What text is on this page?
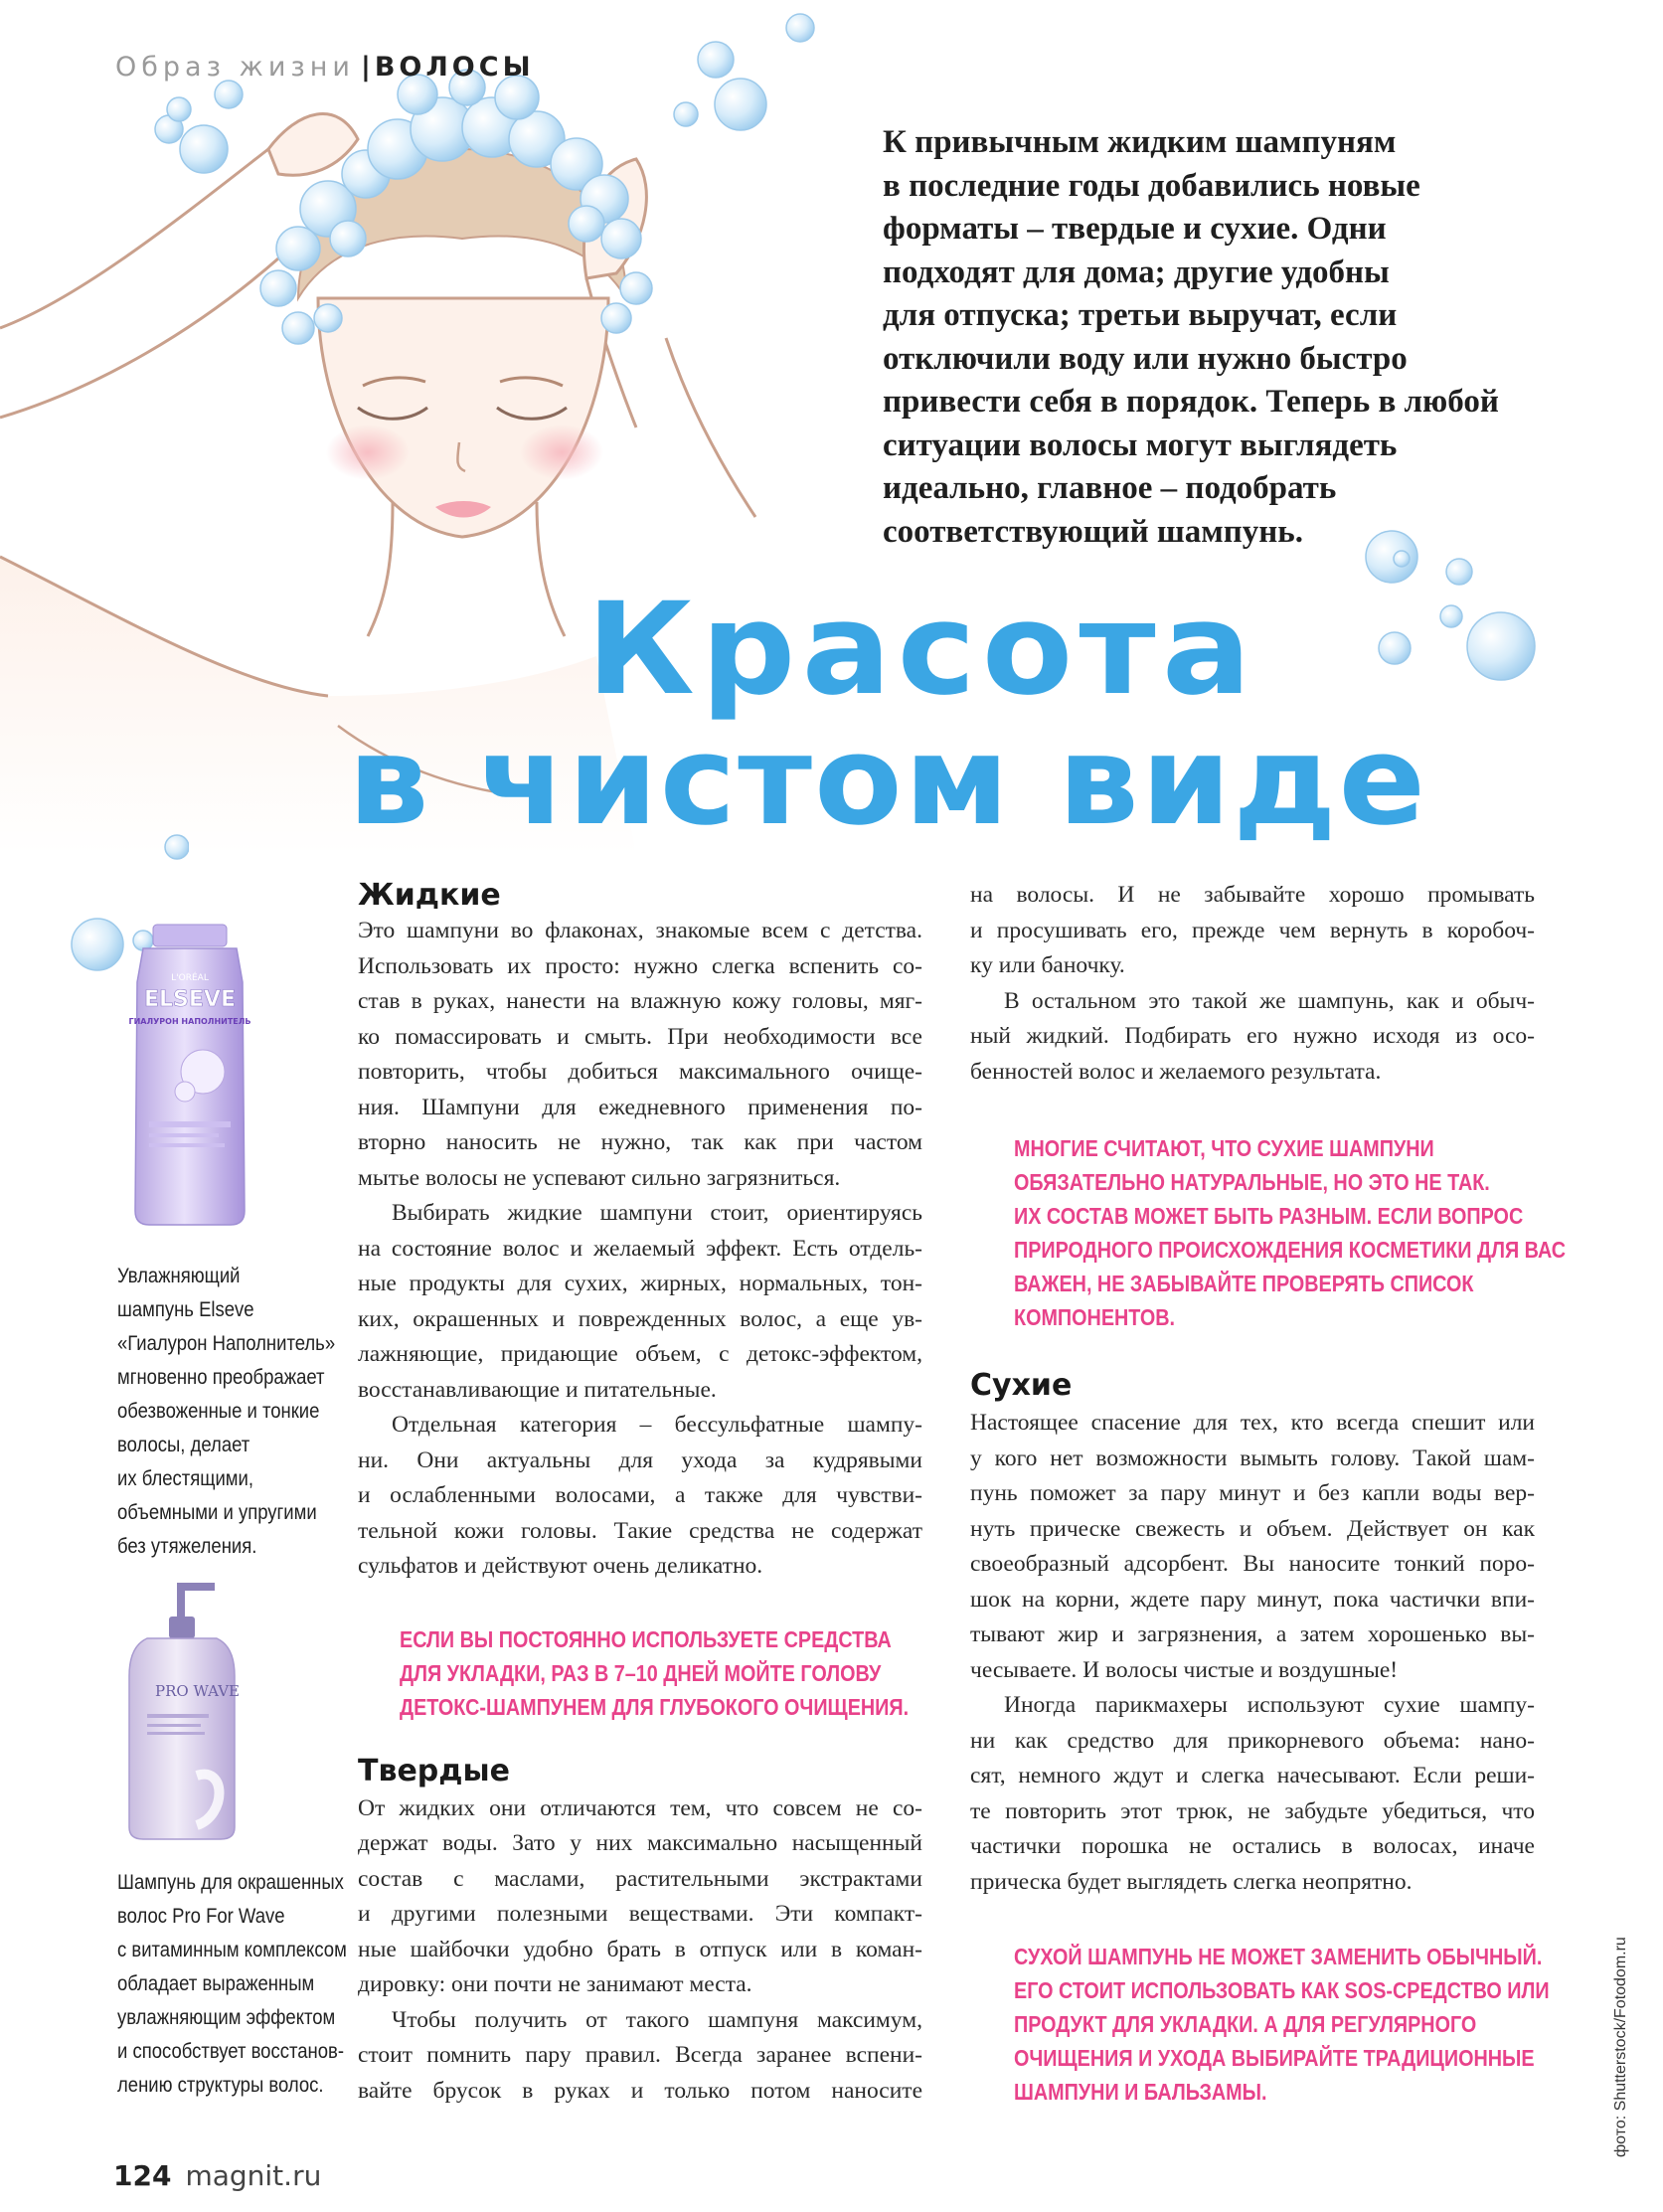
Образ жизни | ВОЛОСЫ
К привычным жидким шампуням
в последние годы добавились новые
форматы – твердые и сухие. Одни
подходят для дома; другие удобны
для отпуска; третьи выручат, если
отключили воду или нужно быстро
привести себя в порядок. Теперь в любой
ситуации волосы могут выглядеть
идеально, главное – подобрать
соответствующий шампунь.
Красота
в чистом виде
Жидкие

Это шампуни во флаконах, знакомые всем с детства.
Использовать их просто: нужно слегка вспенить со-
став в руках, нанести на влажную кожу головы, мяг-
ко помассировать и смыть. При необходимости все
повторить, чтобы добиться максимального очище-
ния. Шампуни для ежедневного применения по-
вторно наносить не нужно, так как при частом
мытье волосы не успевают сильно загрязниться.

Выбирать жидкие шампуни стоит, ориентируясь
на состояние волос и желаемый эффект. Есть отдель-
ные продукты для сухих, жирных, нормальных, тон-
ких, окрашенных и поврежденных волос, а еще ув-
лажняющие, придающие объем, с детокс-эффектом,
восстанавливающие и питательные.

Отдельная категория – бессульфатные шампу-
ни. Они актуальны для ухода за кудрявыми
и ослабленными волосами, а также для чувстви-
тельной кожи головы. Такие средства не содержат
сульфатов и действуют очень деликатно.

ЕСЛИ ВЫ ПОСТОЯННО ИСПОЛЬЗУЕТЕ СРЕДСТВА
ДЛЯ УКЛАДКИ, РАЗ В 7–10 ДНЕЙ МОЙТЕ ГОЛОВУ
ДЕТОКС-ШАМПУНЕМ ДЛЯ ГЛУБОКОГО ОЧИЩЕНИЯ.
Твердые

От жидких они отличаются тем, что совсем не со-
держат воды. Зато у них максимально насыщенный
состав с маслами, растительными экстрактами
и другими полезными веществами. Эти компакт-
ные шайбочки удобно брать в отпуск или в коман-
дировку: они почти не занимают места.

Чтобы получить от такого шампуня максимум,
стоит помнить пару правил. Всегда заранее вспени-
вайте брусок в руках и только потом наносите

на волосы. И не забывайте хорошо промывать
и просушивать его, прежде чем вернуть в коробоч-
ку или баночку.

В остальном это такой же шампунь, как и обыч-
ный жидкий. Подбирать его нужно исходя из осо-
бенностей волос и желаемого результата.

МНОГИЕ СЧИТАЮТ, ЧТО СУХИЕ ШАМПУНИ
ОБЯЗАТЕЛЬНО НАТУРАЛЬНЫЕ, НО ЭТО НЕ ТАК.
ИХ СОСТАВ МОЖЕТ БЫТЬ РАЗНЫМ. ЕСЛИ ВОПРОС
ПРИРОДНОГО ПРОИСХОЖДЕНИЯ КОСМЕТИКИ ДЛЯ ВАС
ВАЖЕН, НЕ ЗАБЫВАЙТЕ ПРОВЕРЯТЬ СПИСОК
КОМПОНЕНТОВ.
Сухие

Настоящее спасение для тех, кто всегда спешит или
у кого нет возможности вымыть голову. Такой шам-
пунь поможет за пару минут и без капли воды вер-
нуть прическе свежесть и объем. Действует он как
своеобразный адсорбент. Вы наносите тонкий порo-
шок на корни, ждете пару минут, пока частички впи-
тывают жир и загрязнения, а затем хорошенько вы-
чесываете. И волосы чистые и воздушные!

Иногда парикмахеры используют сухие шампу-
ни как средство для прикорневого объема: нано-
сят, немного ждут и слегка начесывают. Если реши-
те повторить этот трюк, не забудьте убедиться, что
частички порошка не остались в волосах, иначе
прическа будет выглядеть слегка неопрятно.

СУХОЙ ШАМПУНЬ НЕ МОЖЕТ ЗАМЕНИТЬ ОБЫЧНЫЙ.
ЕГО СТОИТ ИСПОЛЬЗОВАТЬ КАК SOS-СРЕДСТВО ИЛИ
ПРОДУКТ ДЛЯ УКЛАДКИ. А ДЛЯ РЕГУЛЯРНОГО
ОЧИЩЕНИЯ И УХОДА ВЫБИРАЙТЕ ТРАДИЦИОННЫЕ
ШАМПУНИ И БАЛЬЗАМЫ.
L'ORÉAL
ELSEVE
ГИАЛУРОН НАПОЛНИТЕЛЬ
Увлажняющий
шампунь Elseve
«Гиалурон Наполнитель»
мгновенно преображает
обезвоженные и тонкие
волосы, делает
их блестящими,
объемными и упругими
без утяжеления.
PRO WAVE
Шампунь для окрашенных
волос Pro For Wave
с витаминным комплексом
обладает выраженным
увлажняющим эффектом
и способствует восстанов-
лению структуры волос.	фото: Shutterstock/Fotodom.ru
124 magnit.ru
